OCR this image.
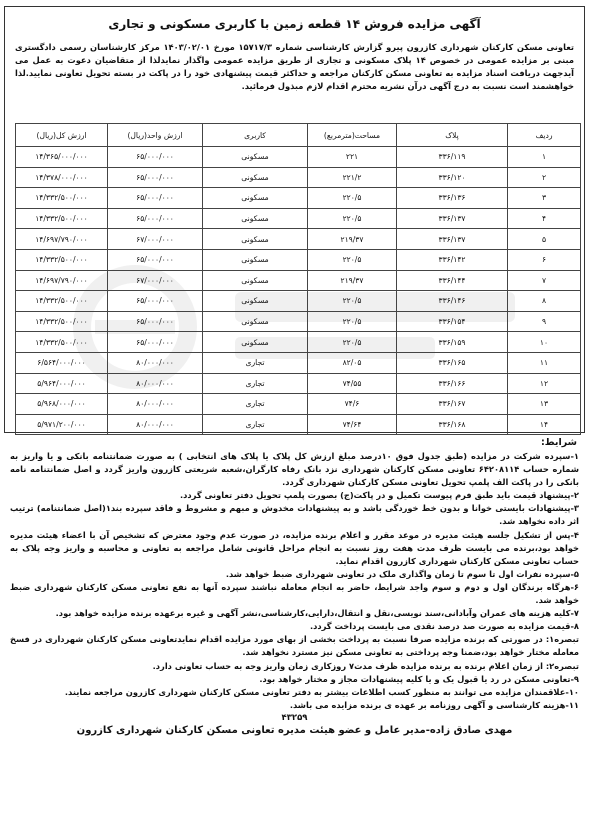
آگهی مزایده فروش ۱۴ قطعه زمین با کاربری مسکونی و تجاری
تعاونی مسکن کارکنان شهرداری کازرون پیرو گزارش کارشناسی شماره ۱۵۷۱۷/۳ مورخ ۱۴۰۳/۰۲/۰۱ مرکز کارشناسان رسمی دادگستری مبنی بر مزایده عمومی در خصوص ۱۴ پلاک مسکونی و تجاری از طریق مزایده عمومی واگذار نمایدلذا از متقاضیان دعوت به عمل می آیدجهت دریافت اسناد مزایده به تعاونی مسکن کارکنان مراجعه و حداکثر قیمت پیشنهادی خود را در پاکت در بسته تحویل تعاونی نمایید.لذا خواهشمند است نسبت به درج آگهی درآن نشریه محترم اقدام لازم مبذول فرمائید.
ردیف	پلاک	مساحت(مترمربع)	کاربری	ارزش واحد(ریال)	ارزش کل(ریال)
۱	۳۳۶/۱۱۹	۲۲۱	مسکونی	۶۵/۰۰۰/۰۰۰	۱۴/۳۶۵/۰۰۰/۰۰۰
۲	۳۳۶/۱۲۰	۲۲۱/۲	مسکونی	۶۵/۰۰۰/۰۰۰	۱۴/۳۷۸/۰۰۰/۰۰۰
۳	۳۳۶/۱۳۶	۲۲۰/۵	مسکونی	۶۵/۰۰۰/۰۰۰	۱۴/۳۳۲/۵۰۰/۰۰۰
۴	۳۳۶/۱۳۷	۲۲۰/۵	مسکونی	۶۵/۰۰۰/۰۰۰	۱۴/۳۳۲/۵۰۰/۰۰۰
۵	۳۳۶/۱۳۷	۲۱۹/۳۷	مسکونی	۶۷/۰۰۰/۰۰۰	۱۴/۶۹۷/۷۹۰/۰۰۰
۶	۳۳۶/۱۴۲	۲۲۰/۵	مسکونی	۶۵/۰۰۰/۰۰۰	۱۴/۳۳۲/۵۰۰/۰۰۰
۷	۳۳۶/۱۴۴	۲۱۹/۳۷	مسکونی	۶۷/۰۰۰/۰۰۰	۱۴/۶۹۷/۷۹۰/۰۰۰
۸	۳۳۶/۱۴۶	۲۲۰/۵	مسکونی	۶۵/۰۰۰/۰۰۰	۱۴/۳۳۲/۵۰۰/۰۰۰
۹	۳۳۶/۱۵۴	۲۲۰/۵	مسکونی	۶۵/۰۰۰/۰۰۰	۱۴/۳۳۲/۵۰۰/۰۰۰
۱۰	۳۳۶/۱۵۹	۲۲۰/۵	مسکونی	۶۵/۰۰۰/۰۰۰	۱۴/۳۳۲/۵۰۰/۰۰۰
۱۱	۳۳۶/۱۶۵	۸۲/۰۵	تجاری	۸۰/۰۰۰/۰۰۰	۶/۵۶۴/۰۰۰/۰۰۰
۱۲	۳۳۶/۱۶۶	۷۴/۵۵	تجاری	۸۰/۰۰۰/۰۰۰	۵/۹۶۴/۰۰۰/۰۰۰
۱۳	۳۳۶/۱۶۷	۷۴/۶	تجاری	۸۰/۰۰۰/۰۰۰	۵/۹۶۸/۰۰۰/۰۰۰
۱۴	۳۳۶/۱۶۸	۷۴/۶۴	تجاری	۸۰/۰۰۰/۰۰۰	۵/۹۷۱/۲۰۰/۰۰۰
شرایط:

۱-سپرده شرکت در مزایده (طبق جدول فوق ۱۰درصد مبلغ ارزش کل پلاک یا پلاک های انتخابی ) به صورت ضمانتنامه بانکی و یا واریز به شماره حساب ۶۴۲۰۸۱۱۴ تعاونی مسکن کارکنان شهرداری نزد بانک رفاه کارگران،شعبه شریعتی کازرون واریز گردد و اصل ضمانتنامه نامه بانکی را در پاکت الف پلمپ تحویل تعاونی مسکن کارکنان شهرداری گردد.

۲-پیشنهاد قیمت باید طبق فرم پیوست تکمیل و در پاکت(ج) بصورت پلمپ تحویل دفتر تعاونی گردد.

۳-پیشنهادات بایستی خوانا و بدون خط خوردگی باشد و به پیشنهادات مخدوش و مبهم و مشروط و فاقد سپرده بند۱(اصل ضمانتنامه) ترتیب اثر داده نخواهد شد.

۴-پس از تشکیل جلسه هیئت مدیره در موعد مقرر و اعلام برنده مزایده، در صورت عدم وجود معترض که تشخیص آن با اعضاء هیئت مدیره خواهد بود،برنده می بایست ظرف مدت هفت روز نسبت به انجام مراحل قانونی شامل مراجعه به تعاونی و محاسبه و واریز وجه پلاک به حساب تعاونی مسکن کارکنان شهرداری کازرون اقدام نماید.

۵-سپرده نفرات اول تا سوم تا زمان واگذاری ملک در تعاونی شهرداری ضبط خواهد شد.

۶-هرگاه برندگان اول و دوم و سوم واجد شرایط، حاضر به انجام معامله نباشند سپرده آنها به نفع تعاونی مسکن کارکنان شهرداری ضبط خواهد شد.

۷-کلیه هزینه های عمران وآبادانی،سند نویسی،نقل و انتقال،دارایی،کارشناسی،نشر آگهی و غیره برعهده برنده مزایده خواهد بود.

۸-قیمت مزایده به صورت صد درصد نقدی می بایست پرداخت گردد.

تبصره۱: در صورتی که برنده مزایده صرفا نسبت به پرداخت بخشی از بهای مورد مزایده اقدام نمایدتعاونی مسکن کارکنان شهرداری در فسخ معامله مختار خواهد بود،ضمنا وجه پرداختی به تعاونی مسکن نیز مسترد نخواهد شد.

تبصره۲: از زمان اعلام برنده به برنده مزایده ظرف مدت۷ روزکاری زمان واریز وجه به حساب تعاونی دارد.

۹-تعاونی مسکن در رد یا قبول یک و یا کلیه پیشنهادات مجاز و مختار خواهد بود.

۱۰-علاقمندان مزایده می توانند به منظور کسب اطلاعات بیشتر به دفتر تعاونی مسکن کارکنان شهرداری کازرون مراجعه نمایند.

۱۱-هزینه کارشناسی و آگهی روزنامه بر عهده ی برنده مزایده می باشد.

۴۳۲۵۹
مهدی صادق زاده-مدیر عامل و عضو هیئت مدیره تعاونی مسکن کارکنان شهرداری کازرون
